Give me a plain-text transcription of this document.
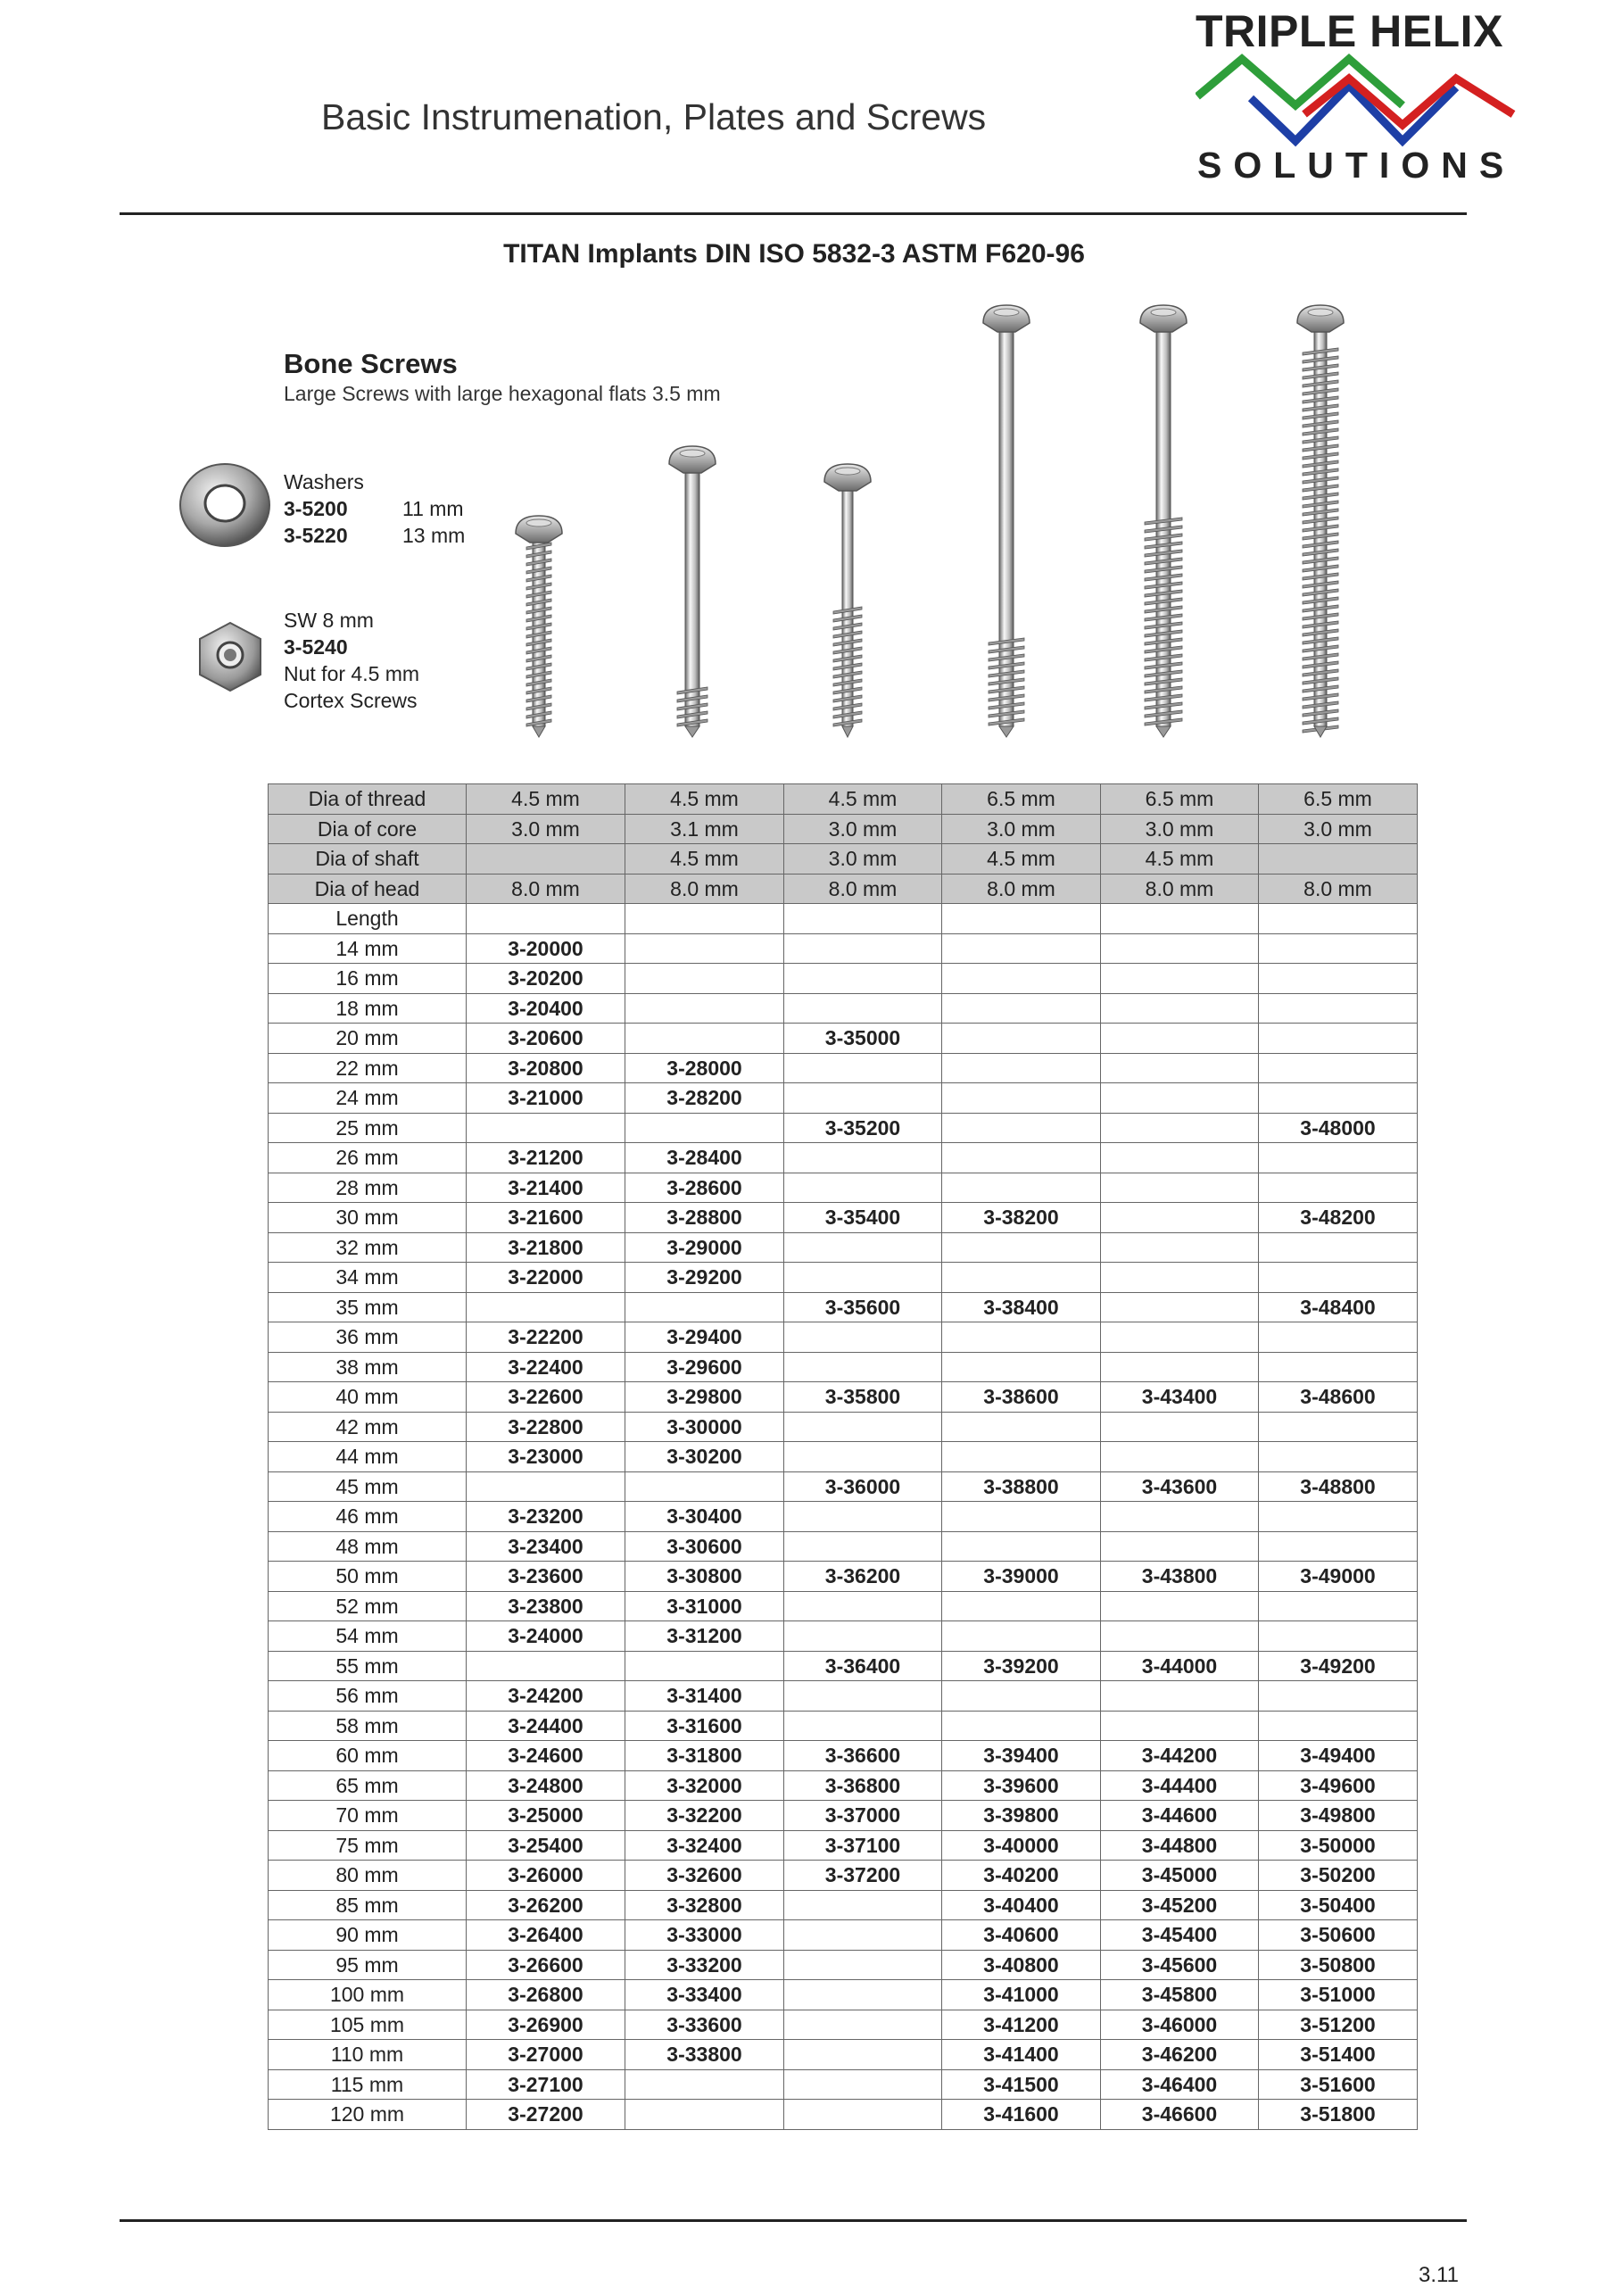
Basic Instrumenation, Plates and Screws
TRIPLE HELIX
SOLUTIONS
TITAN Implants DIN ISO 5832-3 ASTM F620-96
Bone Screws
Large Screws with large hexagonal flats 3.5 mm
Washers
3-5200	11 mm
3-5220	13 mm
SW 8 mm
3-5240
Nut for 4.5 mm
Cortex Screws
Dia of thread	4.5 mm	4.5 mm	4.5 mm	6.5 mm	6.5 mm	6.5 mm
Dia of core	3.0 mm	3.1 mm	3.0 mm	3.0 mm	3.0 mm	3.0 mm
Dia of shaft		4.5 mm	3.0 mm	4.5 mm	4.5 mm	
Dia of head	8.0 mm	8.0 mm	8.0 mm	8.0 mm	8.0 mm	8.0 mm
Length						
14 mm	3-20000					
16 mm	3-20200					
18 mm	3-20400					
20 mm	3-20600		3-35000			
22 mm	3-20800	3-28000				
24 mm	3-21000	3-28200				
25 mm			3-35200			3-48000
26 mm	3-21200	3-28400				
28 mm	3-21400	3-28600				
30 mm	3-21600	3-28800	3-35400	3-38200		3-48200
32 mm	3-21800	3-29000				
34 mm	3-22000	3-29200				
35 mm			3-35600	3-38400		3-48400
36 mm	3-22200	3-29400				
38 mm	3-22400	3-29600				
40 mm	3-22600	3-29800	3-35800	3-38600	3-43400	3-48600
42 mm	3-22800	3-30000				
44 mm	3-23000	3-30200				
45 mm			3-36000	3-38800	3-43600	3-48800
46 mm	3-23200	3-30400				
48 mm	3-23400	3-30600				
50 mm	3-23600	3-30800	3-36200	3-39000	3-43800	3-49000
52 mm	3-23800	3-31000				
54 mm	3-24000	3-31200				
55 mm			3-36400	3-39200	3-44000	3-49200
56 mm	3-24200	3-31400				
58 mm	3-24400	3-31600				
60 mm	3-24600	3-31800	3-36600	3-39400	3-44200	3-49400
65 mm	3-24800	3-32000	3-36800	3-39600	3-44400	3-49600
70 mm	3-25000	3-32200	3-37000	3-39800	3-44600	3-49800
75 mm	3-25400	3-32400	3-37100	3-40000	3-44800	3-50000
80 mm	3-26000	3-32600	3-37200	3-40200	3-45000	3-50200
85 mm	3-26200	3-32800		3-40400	3-45200	3-50400
90 mm	3-26400	3-33000		3-40600	3-45400	3-50600
95 mm	3-26600	3-33200		3-40800	3-45600	3-50800
100 mm	3-26800	3-33400		3-41000	3-45800	3-51000
105 mm	3-26900	3-33600		3-41200	3-46000	3-51200
110 mm	3-27000	3-33800		3-41400	3-46200	3-51400
115 mm	3-27100			3-41500	3-46400	3-51600
120 mm	3-27200			3-41600	3-46600	3-51800
3.11
